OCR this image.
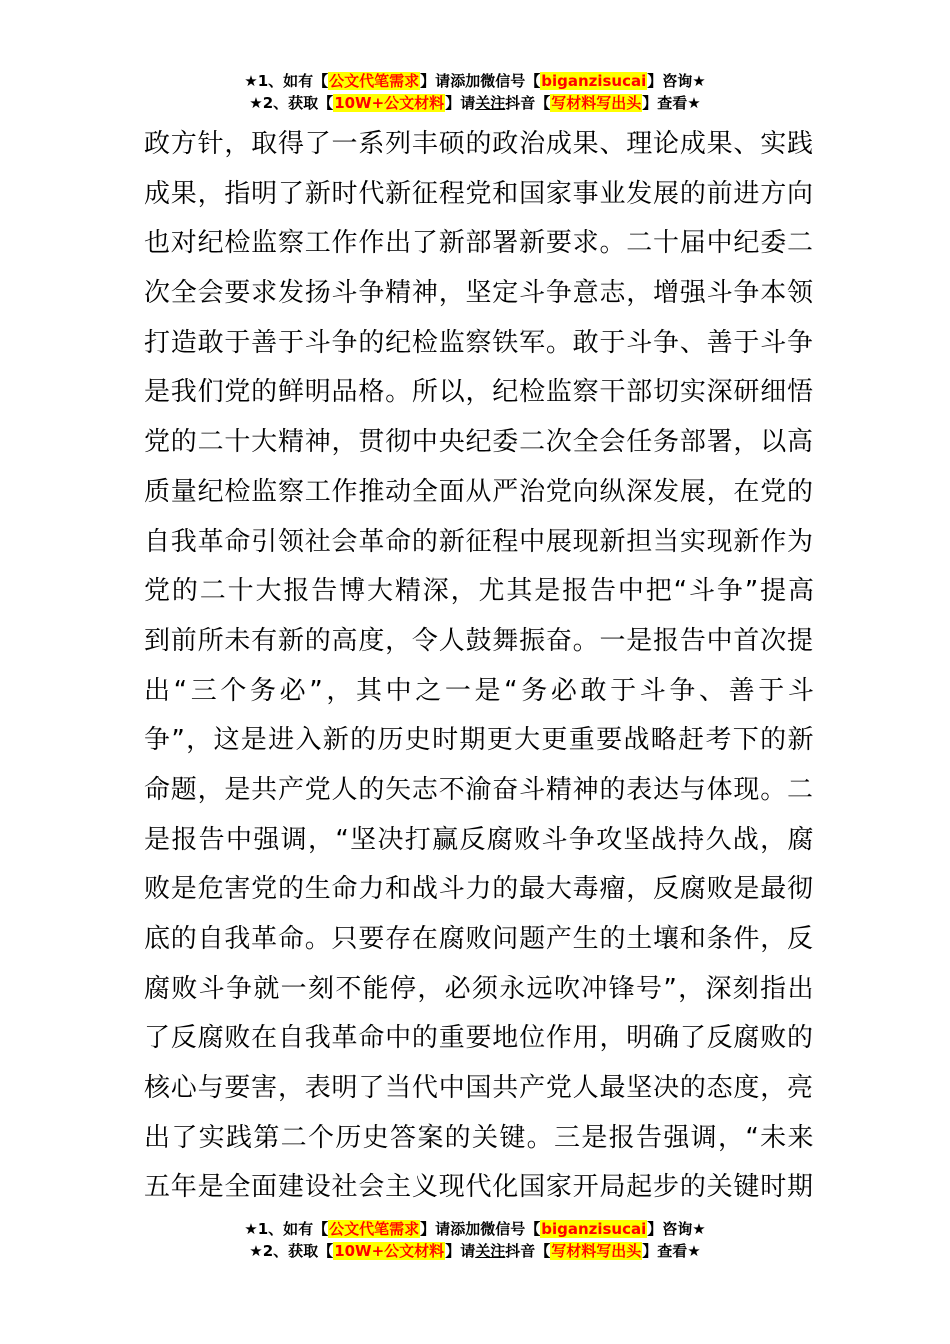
★1、如有【公文代笔需求】请添加微信号【biganzisucai】咨询★
★2、获取【10W+公文材料】请关注抖音【写材料写出头】查看★
政方针，取得了一系列丰硕的政治成果、理论成果、实践
成果，指明了新时代新征程党和国家事业发展的前进方向
也对纪检监察工作作出了新部署新要求。二十届中纪委二
次全会要求发扬斗争精神，坚定斗争意志，增强斗争本领
打造敢于善于斗争的纪检监察铁军。敢于斗争、善于斗争
是我们党的鲜明品格。所以，纪检监察干部切实深研细悟
党的二十大精神，贯彻中央纪委二次全会任务部署，以高
质量纪检监察工作推动全面从严治党向纵深发展，在党的
自我革命引领社会革命的新征程中展现新担当实现新作为
党的二十大报告博大精深，尤其是报告中把“斗争”提高
到前所未有新的高度，令人鼓舞振奋。一是报告中首次提
出“三个务必”，其中之一是“务必敢于斗争、善于斗
争”，这是进入新的历史时期更大更重要战略赶考下的新
命题，是共产党人的矢志不渝奋斗精神的表达与体现。二
是报告中强调，“坚决打赢反腐败斗争攻坚战持久战，腐
败是危害党的生命力和战斗力的最大毒瘤，反腐败是最彻
底的自我革命。只要存在腐败问题产生的土壤和条件，反
腐败斗争就一刻不能停，必须永远吹冲锋号”，深刻指出
了反腐败在自我革命中的重要地位作用，明确了反腐败的
核心与要害，表明了当代中国共产党人最坚决的态度，亮
出了实践第二个历史答案的关键。三是报告强调，“未来
五年是全面建设社会主义现代化国家开局起步的关键时期
★1、如有【公文代笔需求】请添加微信号【biganzisucai】咨询★
★2、获取【10W+公文材料】请关注抖音【写材料写出头】查看★
